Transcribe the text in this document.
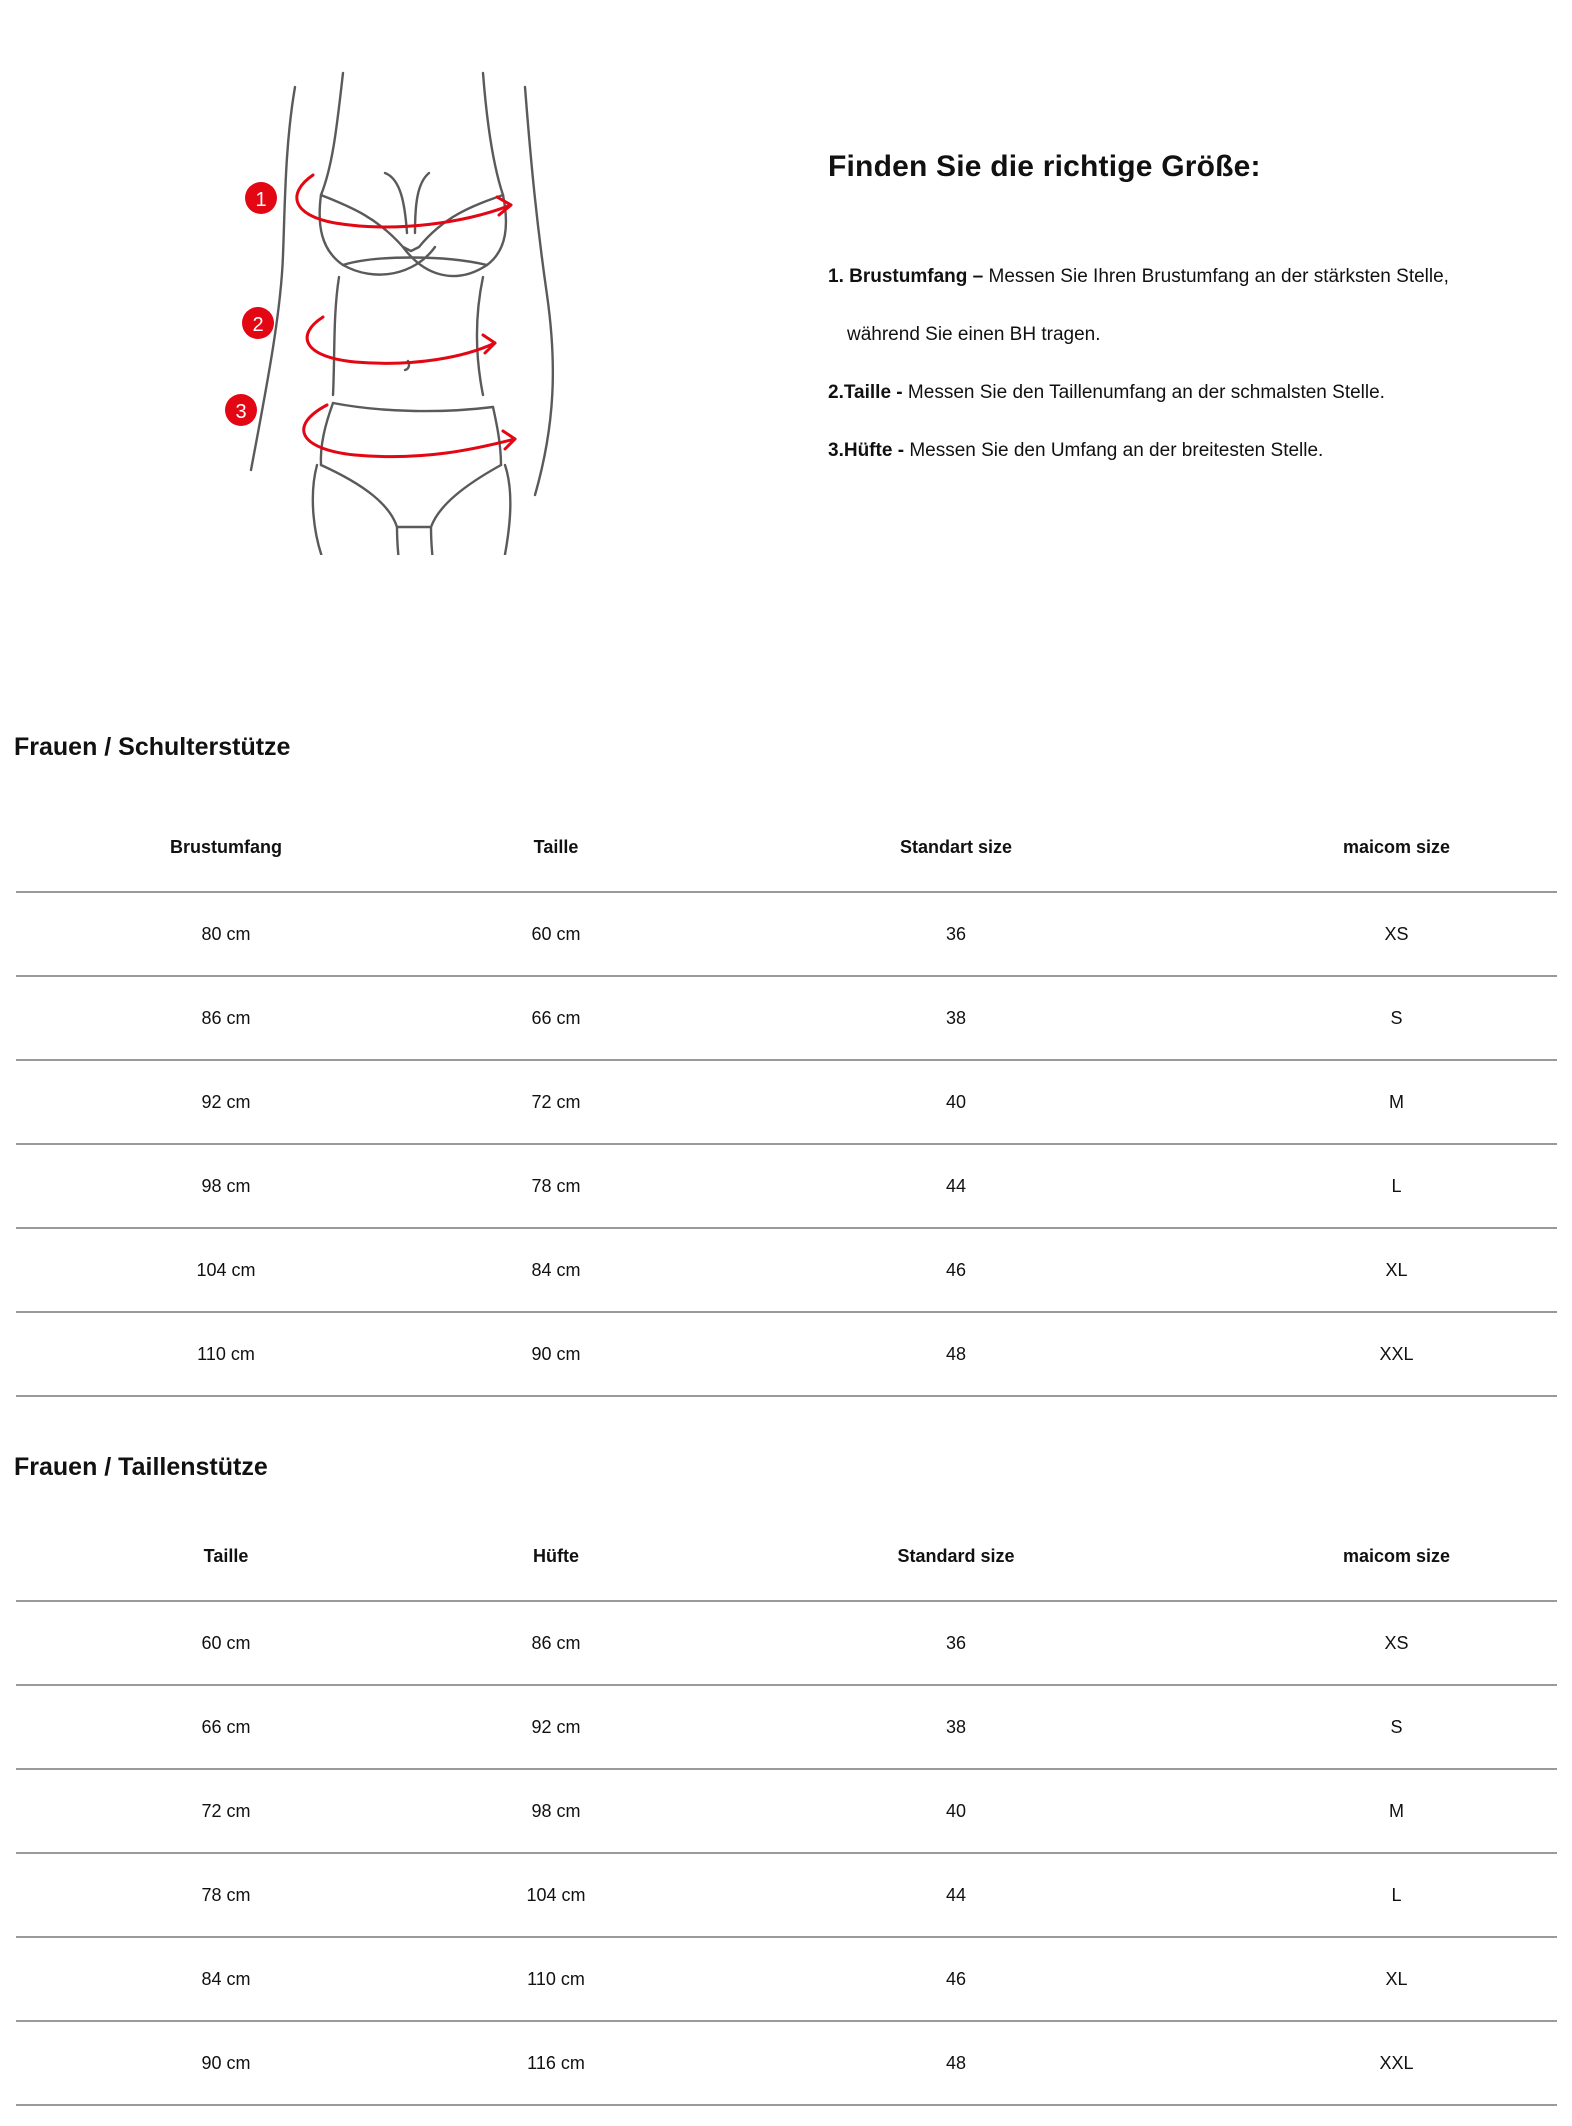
1
2
3
Finden Sie die richtige Größe:

1. Brustumfang – Messen Sie Ihren Brustumfang an der stärksten Stelle,

während Sie einen BH tragen.

2.Taille - Messen Sie den Taillenumfang an der schmalsten Stelle.

3.Hüfte - Messen Sie den Umfang an der breitesten Stelle.

Frauen / Schulterstütze
Brustumfang	Taille	Standart size	maicom size
80 cm	60 cm	36	XS
86 cm	66 cm	38	S
92 cm	72 cm	40	M
98 cm	78 cm	44	L
104 cm	84 cm	46	XL
110 cm	90 cm	48	XXL
Frauen / Taillenstütze
Taille	Hüfte	Standard size	maicom size
60 cm	86 cm	36	XS
66 cm	92 cm	38	S
72 cm	98 cm	40	M
78 cm	104 cm	44	L
84 cm	110 cm	46	XL
90 cm	116 cm	48	XXL
